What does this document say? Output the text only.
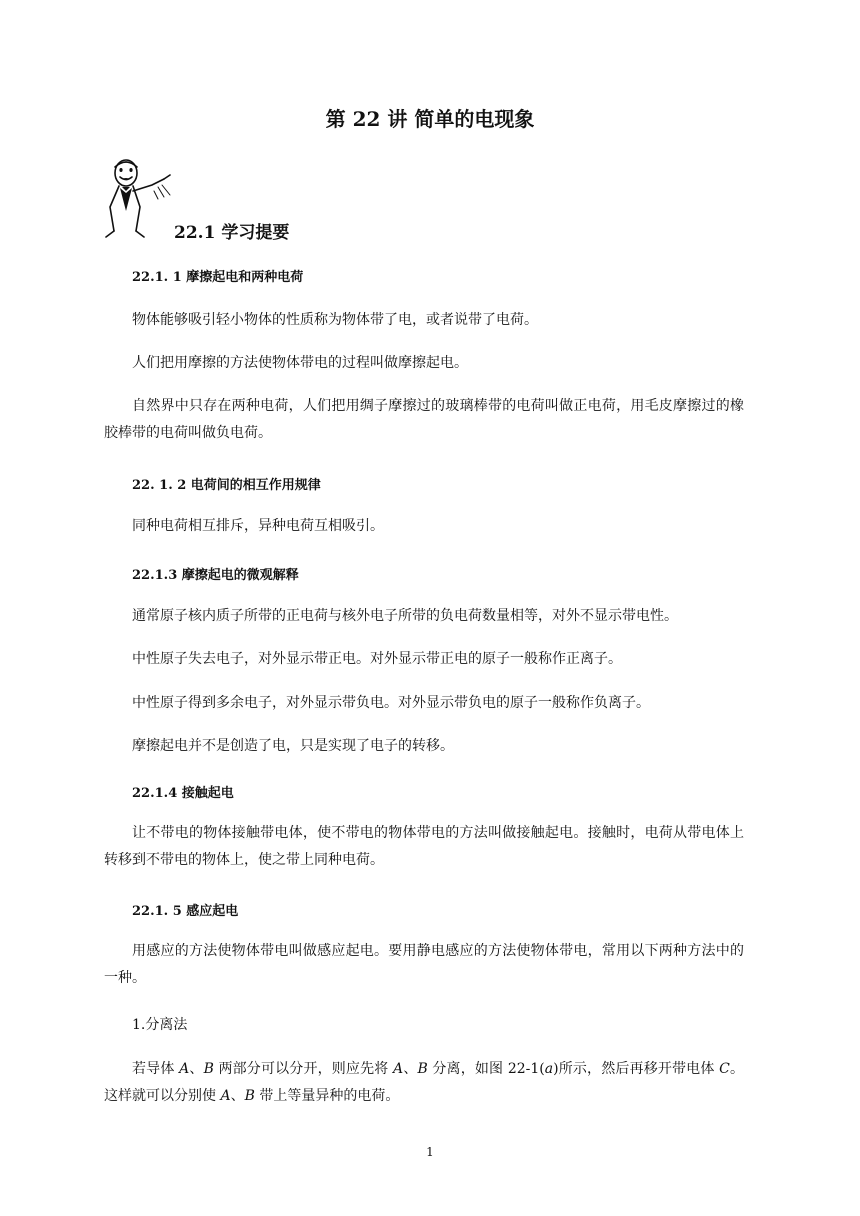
第 22 讲 简单的电现象
22.1 学习提要
22.1. 1 摩擦起电和两种电荷

物体能够吸引轻小物体的性质称为物体带了电，或者说带了电荷。

人们把用摩擦的方法使物体带电的过程叫做摩擦起电。

自然界中只存在两种电荷，人们把用绸子摩擦过的玻璃棒带的电荷叫做正电荷，用毛皮摩擦过的橡胶棒带的电荷叫做负电荷。

22. 1. 2 电荷间的相互作用规律

同种电荷相互排斥，异种电荷互相吸引。

22.1.3 摩擦起电的微观解释

通常原子核内质子所带的正电荷与核外电子所带的负电荷数量相等，对外不显示带电性。

中性原子失去电子，对外显示带正电。对外显示带正电的原子一般称作正离子。

中性原子得到多余电子，对外显示带负电。对外显示带负电的原子一般称作负离子。

摩擦起电并不是创造了电，只是实现了电子的转移。

22.1.4 接触起电

让不带电的物体接触带电体，使不带电的物体带电的方法叫做接触起电。接触时，电荷从带电体上转移到不带电的物体上，使之带上同种电荷。

22.1. 5 感应起电

用感应的方法使物体带电叫做感应起电。要用静电感应的方法使物体带电，常用以下两种方法中的一种。

1.分离法

若导体 A、B 两部分可以分开，则应先将 A、B 分离，如图 22-1(a)所示，然后再移开带电体 C。这样就可以分别使 A、B 带上等量异种的电荷。

1
